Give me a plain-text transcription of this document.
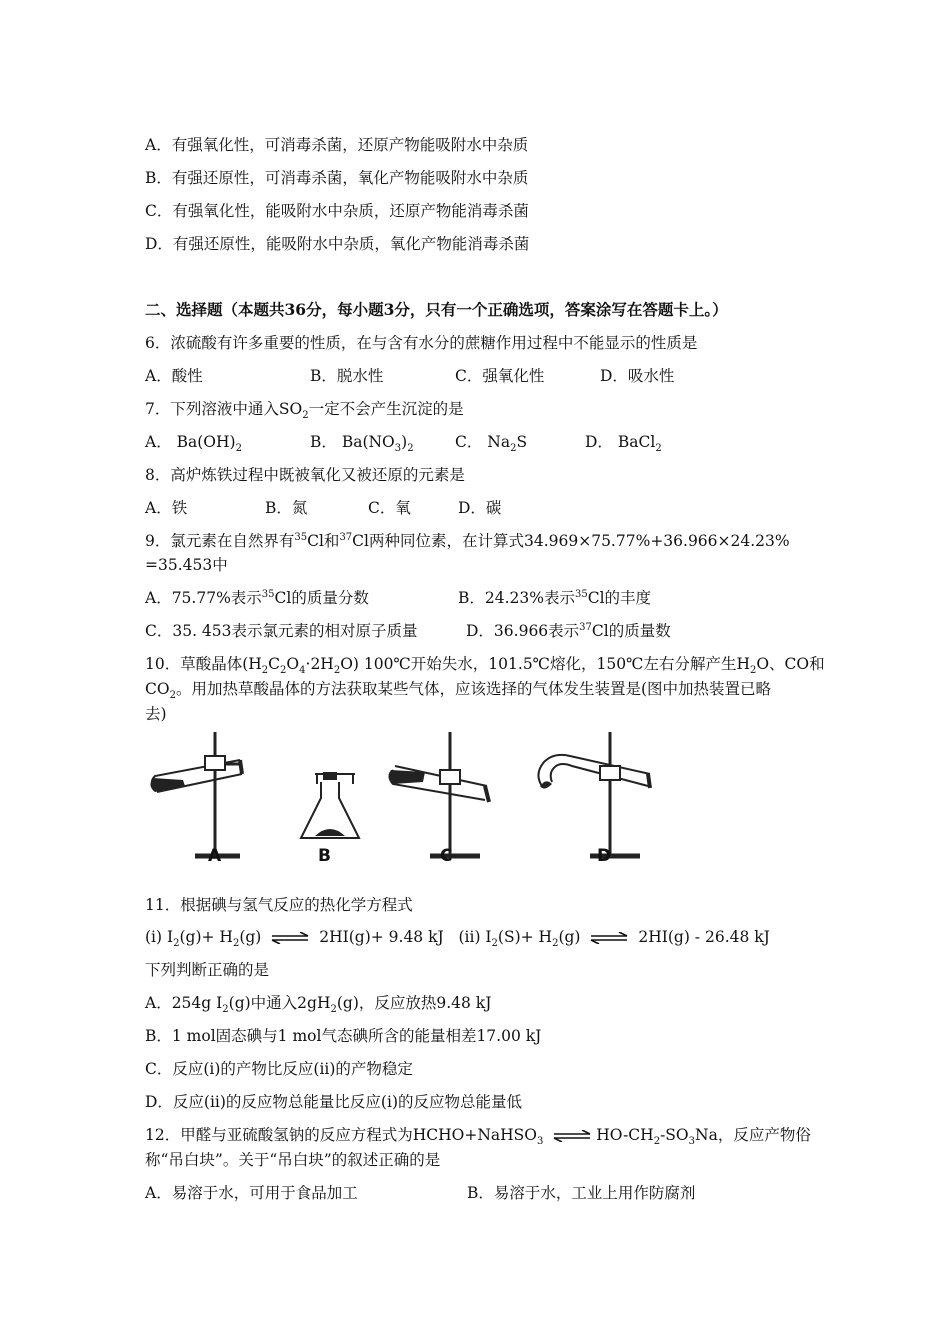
A．有强氧化性，可消毒杀菌，还原产物能吸附水中杂质
B．有强还原性，可消毒杀菌，氧化产物能吸附水中杂质
C．有强氧化性，能吸附水中杂质，还原产物能消毒杀菌
D．有强还原性，能吸附水中杂质，氧化产物能消毒杀菌
二、选择题（本题共36分，每小题3分，只有一个正确选项，答案涂写在答题卡上。）
6．浓硫酸有许多重要的性质，在与含有水分的蔗糖作用过程中不能显示的性质是
A．酸性	B．脱水性	C．强氧化性	D．吸水性
7．下列溶液中通入$SO_2$一定不会产生沉淀的是
A． $Ba(OH)_2$	B． $Ba(NO_3)_2$	C． $Na_2S$	D． BaCl$_2$
8．高炉炼铁过程中既被氧化又被还原的元素是
A．铁	B．氮	C．氧	D．碳
9．氯元素在自然界有$^{35}$Cl和$^{37}$Cl两种同位素，在计算式34.969×75.77%+36.966×24.23%
=35.453中
A．75.77%表示$^{35}$Cl的质量分数	B．24.23%表示$^{35}$Cl的丰度
C．35. 453表示氯元素的相对原子质量	D．36.966表示$^{37}$Cl的质量数
10．草酸晶体$(H_2C_2O_4\cdot 2H_2O)$ 100℃开始失水，101.5℃熔化，150℃左右分解产生$H_2O$、CO和
$CO_2$。用加热草酸晶体的方法获取某些气体，应该选择的气体发生装置是(图中加热装置已略
去)
A	B	C	D
11．根据碘与氢气反应的热化学方程式
(i) $I_2(g)+ H_2(g)$ ⇌ 2HI(g)+ 9.48 kJ (ii) $I_2(S)+ H_2(g)$ ⇌ 2HI(g) - 26.48 kJ
下列判断正确的是
A．254g $I_2(g)$中通入$2gH_2(g)$，反应放热9.48 kJ
B．1 mol固态碘与1 mol气态碘所含的能量相差17.00 kJ
C．反应(i)的产物比反应(ii)的产物稳定
D．反应(ii)的反应物总能量比反应(i)的反应物总能量低
12．甲醛与亚硫酸氢钠的反应方程式为HCHO+NaHSO$_3$ ⇌ $HO-CH_2-SO_3Na$，反应产物俗
称“吊白块”。关于“吊白块”的叙述正确的是
A．易溶于水，可用于食品加工	B．易溶于水，工业上用作防腐剂
